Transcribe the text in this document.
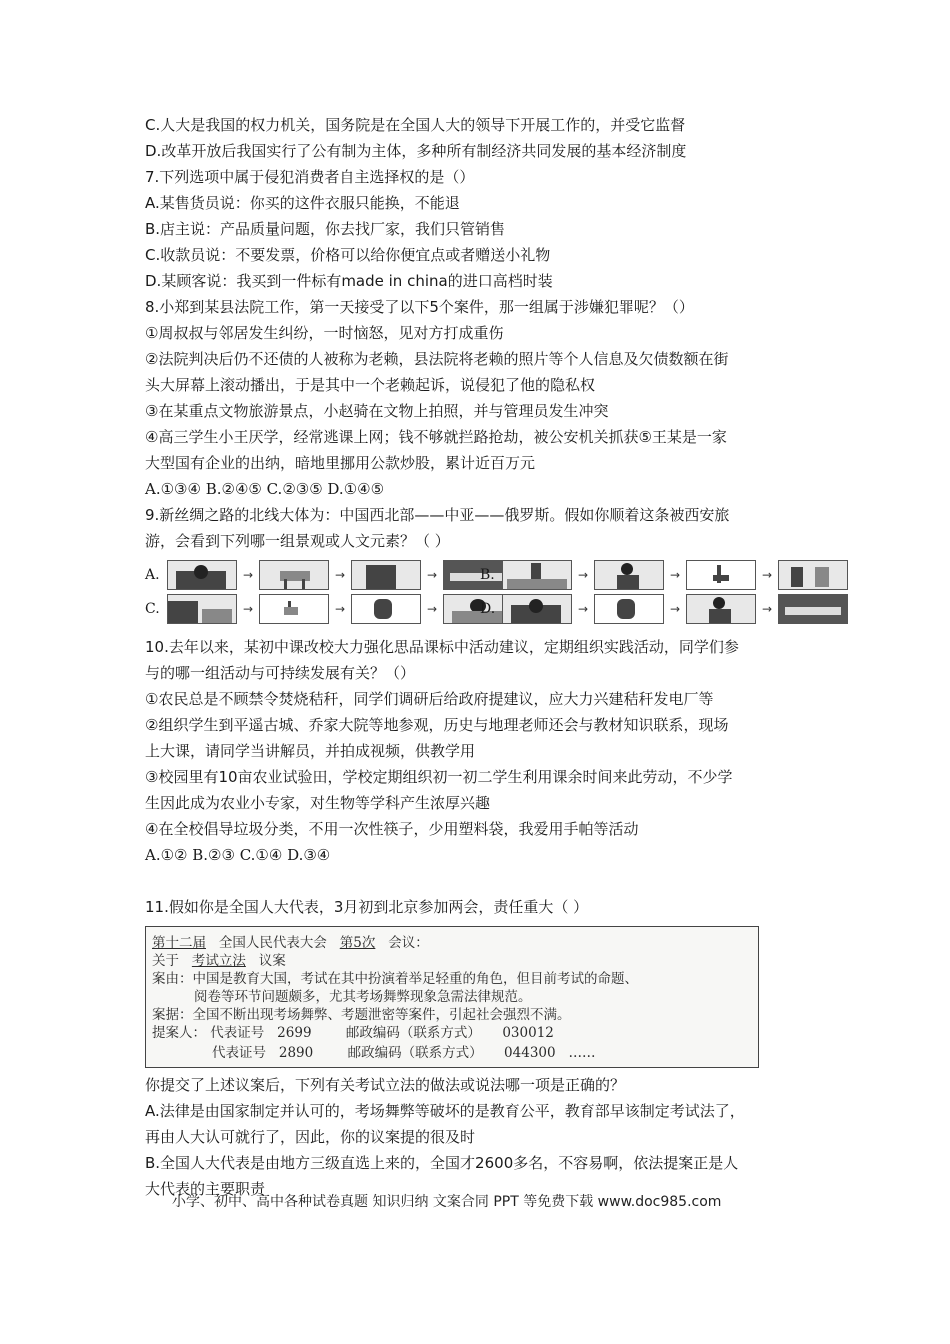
C.人大是我国的权力机关，国务院是在全国人大的领导下开展工作的，并受它监督
D.改革开放后我国实行了公有制为主体，多种所有制经济共同发展的基本经济制度
7.下列选项中属于侵犯消费者自主选择权的是（）
A.某售货员说：你买的这件衣服只能换，不能退
B.店主说：产品质量问题，你去找厂家，我们只管销售
C.收款员说：不要发票，价格可以给你便宜点或者赠送小礼物
D.某顾客说：我买到一件标有made in china的进口高档时装
8.小郑到某县法院工作，第一天接受了以下5个案件，那一组属于涉嫌犯罪呢？（）
①周叔叔与邻居发生纠纷，一时恼怒，见对方打成重伤
②法院判决后仍不还债的人被称为老赖，县法院将老赖的照片等个人信息及欠债数额在街
头大屏幕上滚动播出，于是其中一个老赖起诉，说侵犯了他的隐私权
③在某重点文物旅游景点，小赵骑在文物上拍照，并与管理员发生冲突
④高三学生小王厌学，经常逃课上网；钱不够就拦路抢劫，被公安机关抓获⑤王某是一家
大型国有企业的出纳，暗地里挪用公款炒股，累计近百万元
A.①③④ B.②④⑤ C.②③⑤ D.①④⑤
9.新丝绸之路的北线大体为：中国西北部——中亚——俄罗斯。假如你顺着这条被西安旅
游，会看到下列哪一组景观或人文元素？（ ）
A.	→	→	→	B.	→	→	→
C.	→	→	→	D.	→	→	→
10.去年以来，某初中课改校大力强化思品课标中活动建议，定期组织实践活动，同学们参
与的哪一组活动与可持续发展有关？（）
①农民总是不顾禁令焚烧秸秆，同学们调研后给政府提建议，应大力兴建秸秆发电厂等
②组织学生到平遥古城、乔家大院等地参观，历史与地理老师还会与教材知识联系，现场
上大课，请同学当讲解员，并拍成视频，供教学用
③校园里有10亩农业试验田，学校定期组织初一初二学生利用课余时间来此劳动，不少学
生因此成为农业小专家，对生物等学科产生浓厚兴趣
④在全校倡导垃圾分类，不用一次性筷子，少用塑料袋，我爱用手帕等活动
A.①② B.②③ C.①④ D.③④
11.假如你是全国人大代表，3月初到北京参加两会，责任重大（ ）
第十二届 全国人民代表大会 第5次 会议：
关于 考试立法 议案
案由：中国是教育大国，考试在其中扮演着举足轻重的角色，但目前考试的命题、
阅卷等环节问题颇多，尤其考场舞弊现象急需法律规范。
案据：全国不断出现考场舞弊、考题泄密等案件，引起社会强烈不满。
提案人： 代表证号 2699	邮政编码（联系方式） 030012
代表证号 2890	邮政编码（联系方式） 044300 ……
你提交了上述议案后，下列有关考试立法的做法或说法哪一项是正确的？
A.法律是由国家制定并认可的，考场舞弊等破坏的是教育公平，教育部早该制定考试法了，
再由人大认可就行了，因此，你的议案提的很及时
B.全国人大代表是由地方三级直选上来的，全国才2600多名，不容易啊，依法提案正是人
大代表的主要职责
小学、初中、高中各种试卷真题 知识归纳 文案合同 PPT 等免费下载 www.doc985.com
